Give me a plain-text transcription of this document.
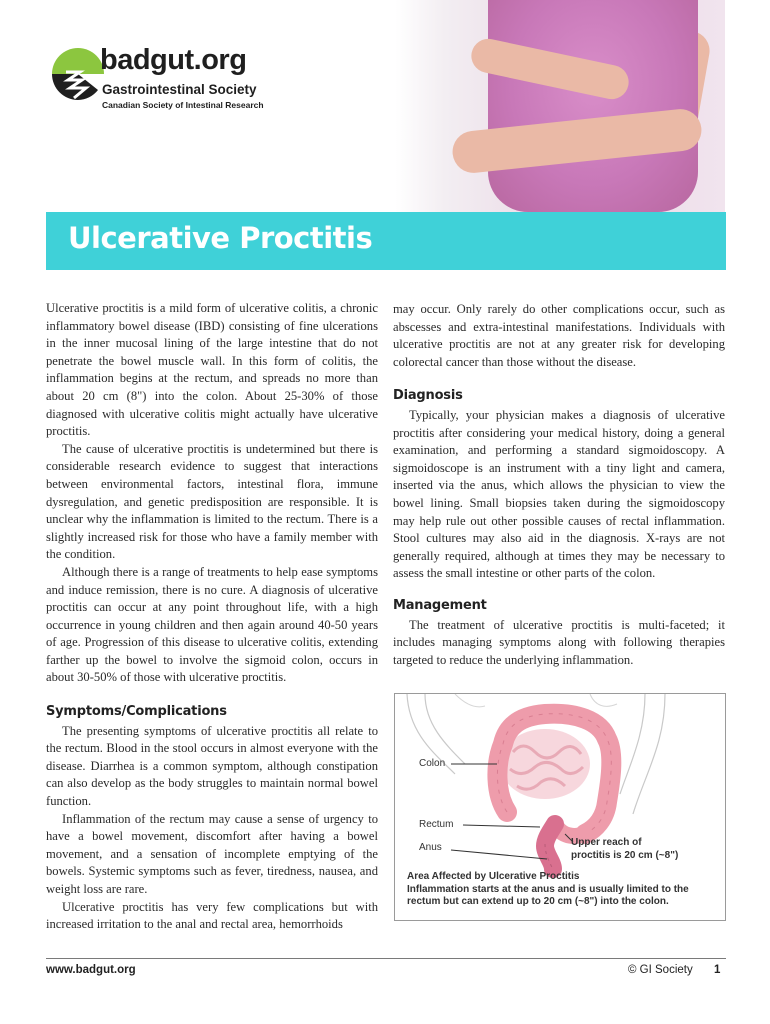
badgut.org
Gastrointestinal Society
Canadian Society of Intestinal Research
Ulcerative Proctitis

Ulcerative proctitis is a mild form of ulcerative colitis, a chronic inflammatory bowel disease (IBD) consisting of fine ulcerations in the inner mucosal lining of the large intestine that do not penetrate the bowel muscle wall. In this form of colitis, the inflammation begins at the rectum, and spreads no more than about 20 cm (8") into the colon. About 25-30% of those diagnosed with ulcerative colitis might actually have ulcerative proctitis.

The cause of ulcerative proctitis is undetermined but there is considerable research evidence to suggest that interactions between environmental factors, intestinal flora, immune dysregulation, and genetic predisposition are responsible. It is unclear why the inflammation is limited to the rectum. There is a slightly increased risk for those who have a family member with the condition.

Although there is a range of treatments to help ease symptoms and induce remission, there is no cure. A diagnosis of ulcerative proctitis can occur at any point throughout life, with a high occurrence in young children and then again around 40-50 years of age. Progression of this disease to ulcerative colitis, extending farther up the bowel to involve the sigmoid colon, occurs in about 30-50% of those with ulcerative proctitis.

Symptoms/Complications

The presenting symptoms of ulcerative proctitis all relate to the rectum. Blood in the stool occurs in almost everyone with the disease. Diarrhea is a common symptom, although constipation can also develop as the body struggles to maintain normal bowel function.

Inflammation of the rectum may cause a sense of urgency to have a bowel movement, discomfort after having a bowel movement, and a sensation of incomplete emptying of the bowels. Systemic symptoms such as fever, tiredness, nausea, and weight loss are rare.

Ulcerative proctitis has very few complications but with increased irritation to the anal and rectal area, hemorrhoids

may occur. Only rarely do other complications occur, such as abscesses and extra-intestinal manifestations. Individuals with ulcerative proctitis are not at any greater risk for developing colorectal cancer than those without the disease.

Diagnosis

Typically, your physician makes a diagnosis of ulcerative proctitis after considering your medical history, doing a general examination, and performing a standard sigmoidoscopy. A sigmoidoscope is an instrument with a tiny light and camera, inserted via the anus, which allows the physician to view the bowel lining. Small biopsies taken during the sigmoidoscopy may help rule out other possible causes of rectal inflammation. Stool cultures may also aid in the diagnosis. X-rays are not generally required, although at times they may be necessary to assess the small intestine or other parts of the colon.

Management

The treatment of ulcerative proctitis is multi-faceted; it includes managing symptoms along with following therapies targeted to reduce the underlying inflammation.

Colon
Rectum
Anus	Upper reach of
proctitis is 20 cm (~8")
Area Affected by Ulcerative Proctitis
Inflammation starts at the anus and is usually limited to the
rectum but can extend up to 20 cm (~8") into the colon.
www.badgut.org	© GI Society 1
